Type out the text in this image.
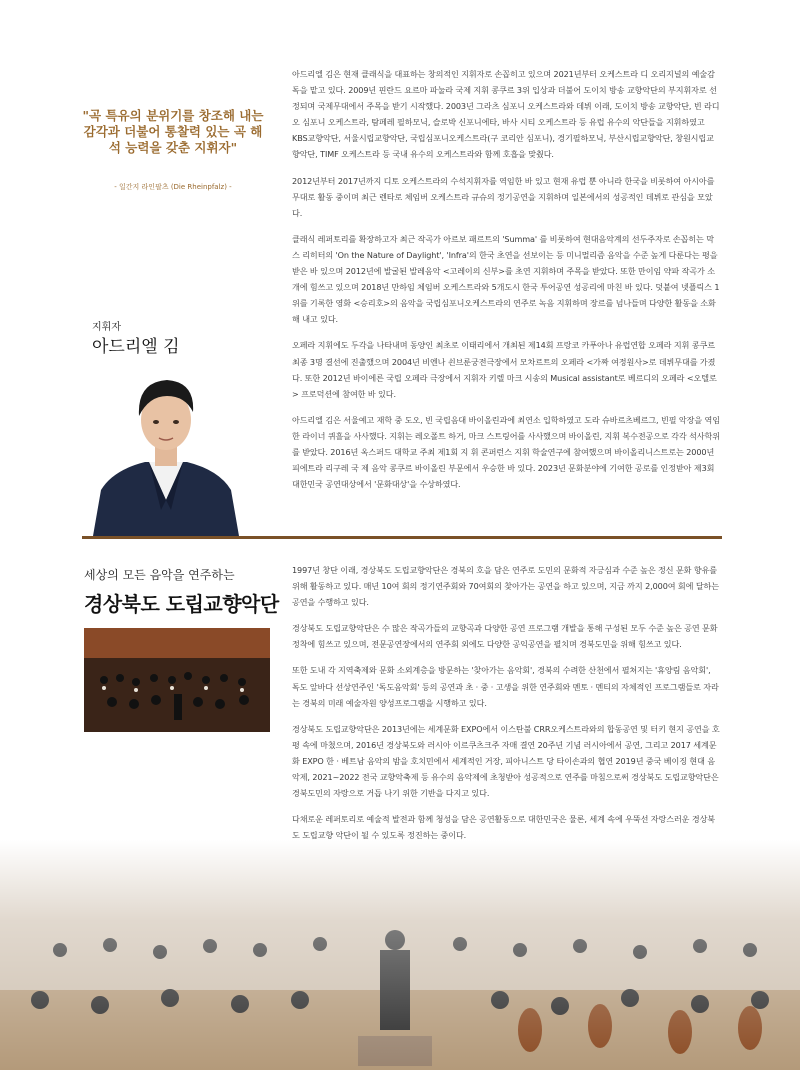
"곡 특유의 분위기를 창조해 내는 감각과 더불어 통찰력 있는 곡 해석 능력을 갖춘 지휘자"
- 일간지 라인팔츠 (Die Rheinpfalz) -

아드리엘 김은 현재 클래식을 대표하는 창의적인 지휘자로 손꼽히고 있으며 2021년부터 오케스트라 디 오리지널의 예술감독을 맡고 있다. 2009년 핀란드 요르마 파눌라 국제 지휘 콩쿠르 3위 입상과 더불어 도이치 방송 교향악단의 부지휘자로 선정되며 국제무대에서 주목을 받기 시작했다. 2003년 그라츠 심포니 오케스트라와 데뷔 이래, 도이치 방송 교향악단, 빈 라디오 심포니 오케스트라, 탐페레 필하모닉, 슬로박 신포니에타, 바사 시티 오케스트라 등 유럽 유수의 악단들을 지휘하였고 KBS교향악단, 서울시립교향악단, 국립심포니오케스트라(구 코리안 심포니), 경기필하모닉, 부산시립교향악단, 창원시립교향악단, TIMF 오케스트라 등 국내 유수의 오케스트라와 함께 호흡을 맞췄다.

2012년부터 2017년까지 디토 오케스트라의 수석지휘자를 역임한 바 있고 현재 유럽 뿐 아니라 한국을 비롯하여 아시아를 무대로 활동 중이며 최근 렌타로 체임버 오케스트라 규슈의 정기공연을 지휘하며 일본에서의 성공적인 데뷔로 관심을 모았다.

클래식 레퍼토리를 확장하고자 최근 작곡가 아르보 패르트의 'Summa' 를 비롯하여 현대음악계의 선두주자로 손꼽히는 막스 리히터의 'On the Nature of Daylight', 'Infra'의 한국 초연을 선보이는 등 미니멀리즘 음악을 수준 높게 다룬다는 평을 받은 바 있으며 2012년에 발굴된 발레음악 <고레이의 신부>를 초연 지휘하며 주목을 받았다. 또한 만이임 약파 작곡가 소개에 힘쓰고 있으며 2018년 만하임 체임버 오케스트라와 5개도시 한국 투어공연 성공리에 마친 바 있다. 덧붙여 넷플릭스 1위를 기록한 영화 <승리호>의 음악을 국립심포니오케스트라의 연주로 녹음 지휘하며 장르를 넘나들며 다양한 활동을 소화해 내고 있다.

오페라 지휘에도 두각을 나타내며 동양인 최초로 이태리에서 개최된 제14회 프랑코 카푸아나 유럽연합 오페라 지휘 콩쿠르 최종 3명 결선에 진출했으며 2004년 비엔나 쇤브룬궁전극장에서 모차르트의 오페라 <가짜 여정원사>로 데뷔무대를 가졌다. 또한 2012년 바이에른 국립 오페라 극장에서 지휘자 키렐 마크 시송의 Musical assistant로 베르디의 오페라 <오텔로> 프로덕션에 참여한 바 있다.

아드리엘 김은 서울예고 재학 중 도오, 빈 국립음대 바이올린과에 최연소 입학하였고 도라 슈바르츠베르그, 빈필 악장을 역임한 라이너 퀴흘을 사사했다. 지휘는 레오폴트 하거, 마크 스트링어를 사사했으며 바이올린, 지휘 복수전공으로 각각 석사학위를 받았다. 2016년 옥스퍼드 대학교 주최 제1회 지 휘 콘퍼런스 지휘 학술연구에 참여했으며 바이올리니스트로는 2000년 피에트라 리구레 국 제 음악 콩쿠르 바이올린 부문에서 우승한 바 있다. 2023년 문화분야에 기여한 공로를 인정받아 제3회 대한민국 공연대상에서 '문화대상'을 수상하였다.

지휘자
아드리엘 김
세상의 모든 음악을 연주하는
경상북도 도립교향악단

1997년 창단 이래, 경상북도 도립교향악단은 경북의 호을 담은 연주로 도민의 문화적 자긍심과 수준 높은 정신 문화 향유를 위해 활동하고 있다. 매년 10여 회의 정기연주회와 70여회의 찾아가는 공연을 하고 있으며, 지금 까지 2,000여 회에 달하는 공연을 수행하고 있다.

경상북도 도립교향악단은 수 많은 작곡가들의 교향곡과 다양한 공연 프로그램 개발을 통해 구성된 모두 수준 높은 공연 문화 정착에 힘쓰고 있으며, 전문공연장에서의 연주회 외에도 다양한 공익공연을 펼치며 경북도민을 위해 힘쓰고 있다.

또한 도내 각 지역축제와 문화 소외계층을 방문하는 '찾아가는 음악회', 경북의 수려한 산천에서 펼쳐지는 '휴양림 음악회', 독도 앞바다 선상연주인 '독도음악회' 등의 공연과 초 · 중 · 고생을 위한 연주회와 멘토 · 멘티의 자체적인 프로그램들로 자라는 경북의 미래 예술자원 양성프로그램을 시행하고 있다.

경상북도 도립교향악단은 2013년에는 세계문화 EXPO에서 이스탄불 CRR오케스트라와의 합동공연 및 터키 현지 공연을 호평 속에 마쳤으며, 2016년 경상북도와 러시아 이르쿠츠크주 자매 결연 20주년 기념 러시아에서 공연, 그리고 2017 세계문화 EXPO 한 · 베트남 음악의 밤을 호치민에서 세계적인 거장, 피아니스트 당 타이손과의 협연 2019년 중국 베이징 현대 음악제, 2021~2022 전국 교향악축제 등 유수의 음악제에 초청받아 성공적으로 연주를 마침으로써 경상북도 도립교향악단은 경북도민의 자랑으로 거듭 나기 위한 기반을 다지고 있다.

다채로운 레퍼토리로 예술적 발전과 함께 청성을 담은 공연활동으로 대한민국은 물론, 세계 속에 우뚝선 자랑스러운 경상북도 도립교향 악단이 될 수 있도록 정진하는 중이다.
